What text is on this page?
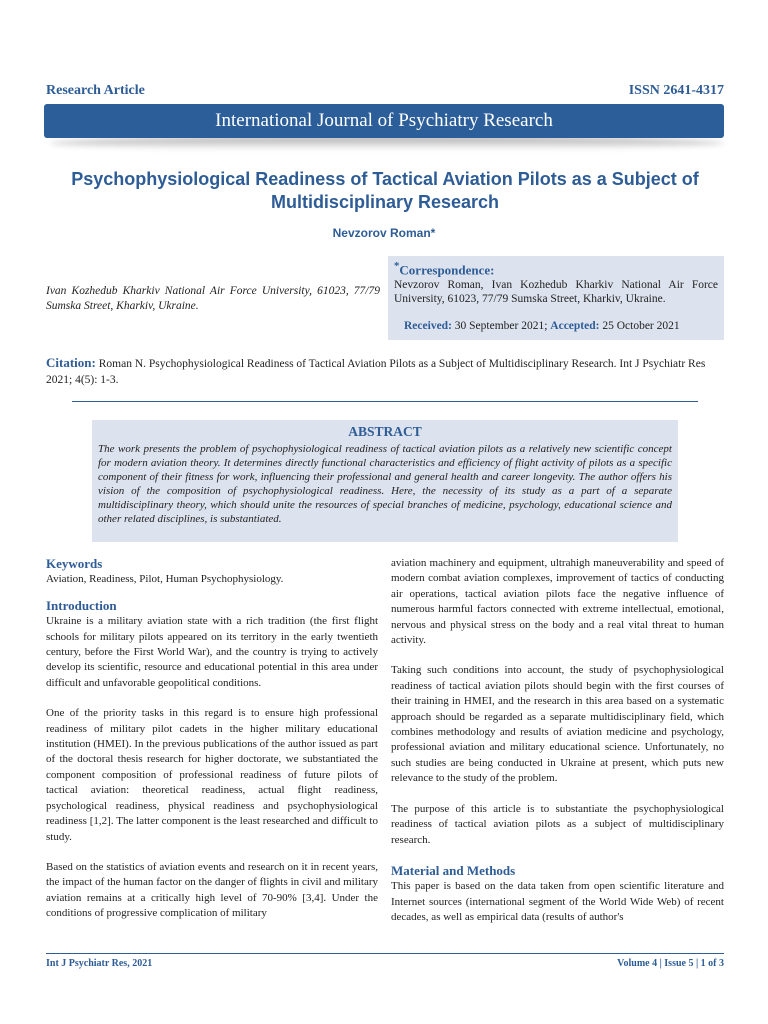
Research Article	ISSN 2641-4317
International Journal of Psychiatry Research
Psychophysiological Readiness of Tactical Aviation Pilots as a Subject of Multidisciplinary Research
Nevzorov Roman*
Ivan Kozhedub Kharkiv National Air Force University, 61023, 77/79 Sumska Street, Kharkiv, Ukraine.
*Correspondence:
Nevzorov Roman, Ivan Kozhedub Kharkiv National Air Force University, 61023, 77/79 Sumska Street, Kharkiv, Ukraine.
Received: 30 September 2021; Accepted: 25 October 2021
Citation: Roman N. Psychophysiological Readiness of Tactical Aviation Pilots as a Subject of Multidisciplinary Research. Int J Psychiatr Res 2021; 4(5): 1-3.
ABSTRACT

The work presents the problem of psychophysiological readiness of tactical aviation pilots as a relatively new scientific concept for modern aviation theory. It determines directly functional characteristics and efficiency of flight activity of pilots as a specific component of their fitness for work, influencing their professional and general health and career longevity. The author offers his vision of the composition of psychophysiological readiness. Here, the necessity of its study as a part of a separate multidisciplinary theory, which should unite the resources of special branches of medicine, psychology, educational science and other related disciplines, is substantiated.

Keywords

Aviation, Readiness, Pilot, Human Psychophysiology.

Introduction

Ukraine is a military aviation state with a rich tradition (the first flight schools for military pilots appeared on its territory in the early twentieth century, before the First World War), and the country is trying to actively develop its scientific, resource and educational potential in this area under difficult and unfavorable geopolitical conditions.

One of the priority tasks in this regard is to ensure high professional readiness of military pilot cadets in the higher military educational institution (HMEI). In the previous publications of the author issued as part of the doctoral thesis research for higher doctorate, we substantiated the component composition of professional readiness of future pilots of tactical aviation: theoretical readiness, actual flight readiness, psychological readiness, physical readiness and psychophysiological readiness [1,2]. The latter component is the least researched and difficult to study.

Based on the statistics of aviation events and research on it in recent years, the impact of the human factor on the danger of flights in civil and military aviation remains at a critically high level of 70-90% [3,4]. Under the conditions of progressive complication of military

aviation machinery and equipment, ultrahigh maneuverability and speed of modern combat aviation complexes, improvement of tactics of conducting air operations, tactical aviation pilots face the negative influence of numerous harmful factors connected with extreme intellectual, emotional, nervous and physical stress on the body and a real vital threat to human activity.

Taking such conditions into account, the study of psychophysiological readiness of tactical aviation pilots should begin with the first courses of their training in HMEI, and the research in this area based on a systematic approach should be regarded as a separate multidisciplinary field, which combines methodology and results of aviation medicine and psychology, professional aviation and military educational science. Unfortunately, no such studies are being conducted in Ukraine at present, which puts new relevance to the study of the problem.

The purpose of this article is to substantiate the psychophysiological readiness of tactical aviation pilots as a subject of multidisciplinary research.

Material and Methods

This paper is based on the data taken from open scientific literature and Internet sources (international segment of the World Wide Web) of recent decades, as well as empirical data (results of author's

Int J Psychiatr Res, 2021	Volume 4 | Issue 5 | 1 of 3
